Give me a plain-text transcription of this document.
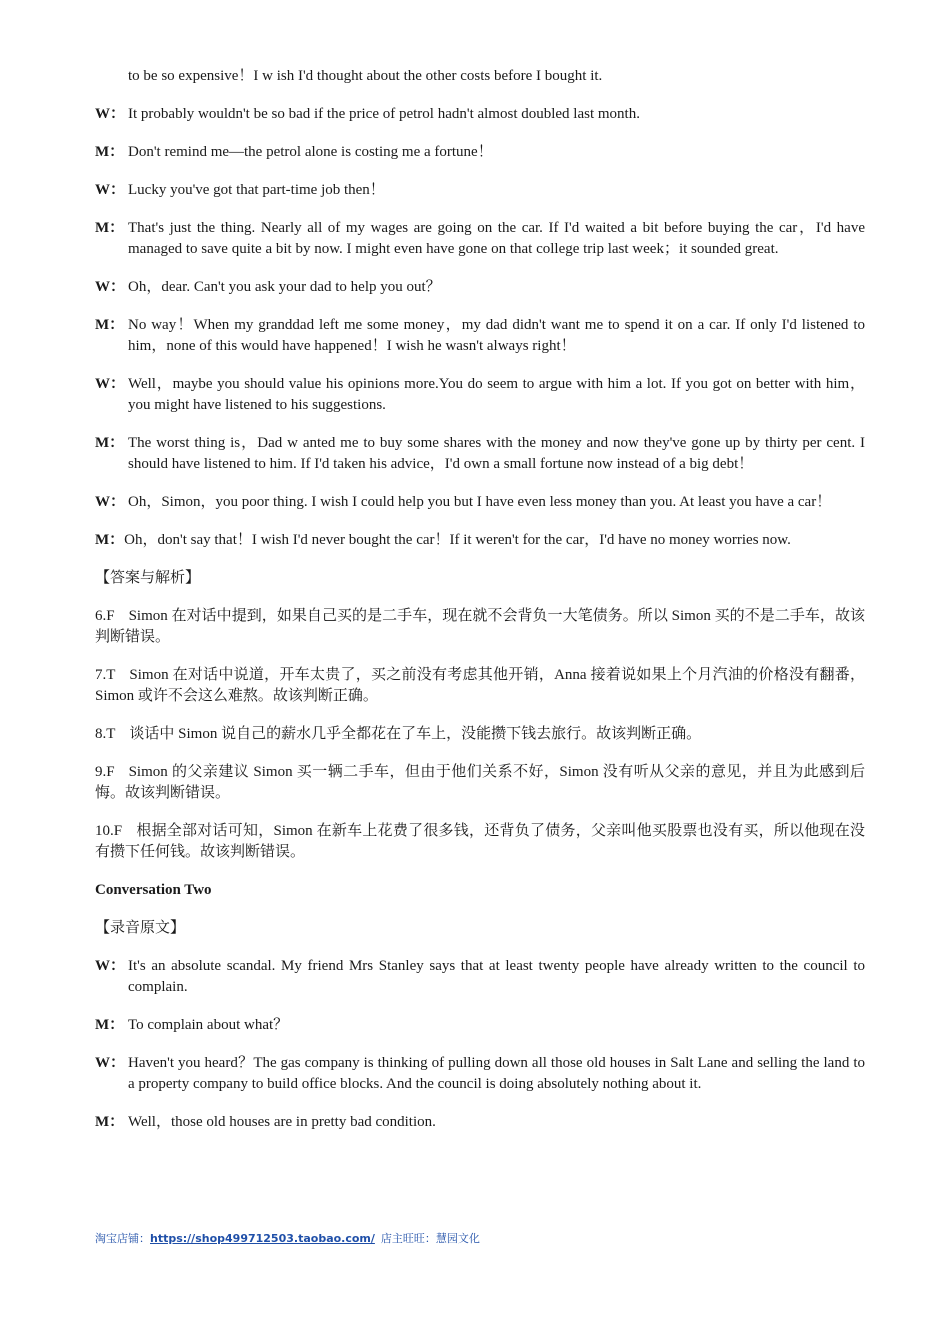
to be so expensive！I w ish I'd thought about the other costs before I bought it.
W： It probably wouldn't be so bad if the price of petrol hadn't almost doubled last month.
M： Don't remind me—the petrol alone is costing me a fortune！
W： Lucky you've got that part-time job then！
M： That's just the thing. Nearly all of my wages are going on the car. If I'd waited a bit before buying the car，I'd have managed to save quite a bit by now. I might even have gone on that college trip last week；it sounded great.
W： Oh，dear. Can't you ask your dad to help you out？
M： No way！When my granddad left me some money，my dad didn't want me to spend it on a car. If only I'd listened to him，none of this would have happened！I wish he wasn't always right！
W： Well，maybe you should value his opinions more.You do seem to argue with him a lot. If you got on better with him，you might have listened to his suggestions.
M： The worst thing is，Dad w anted me to buy some shares with the money and now they've gone up by thirty per cent. I should have listened to him. If I'd taken his advice，I'd own a small fortune now instead of a big debt！
W： Oh，Simon，you poor thing. I wish I could help you but I have even less money than you. At least you have a car！
M：Oh，don't say that！I wish I'd never bought the car！If it weren't for the car，I'd have no money worries now.
【答案与解析】
6.F Simon 在对话中提到，如果自己买的是二手车，现在就不会背负一大笔债务。所以 Simon 买的不是二手车，故该判断错误。
7.T Simon 在对话中说道，开车太贵了，买之前没有考虑其他开销，Anna 接着说如果上个月汽油的价格没有翻番，Simon 或许不会这么难熬。故该判断正确。
8.T 谈话中 Simon 说自己的薪水几乎全都花在了车上，没能攒下钱去旅行。故该判断正确。
9.F Simon 的父亲建议 Simon 买一辆二手车，但由于他们关系不好，Simon 没有听从父亲的意见，并且为此感到后悔。故该判断错误。
10.F 根据全部对话可知，Simon 在新车上花费了很多钱，还背负了债务，父亲叫他买股票也没有买，所以他现在没有攒下任何钱。故该判断错误。
Conversation Two
【录音原文】
W： It's an absolute scandal. My friend Mrs Stanley says that at least twenty people have already written to the council to complain.
M： To complain about what？
W： Haven't you heard？The gas company is thinking of pulling down all those old houses in Salt Lane and selling the land to a property company to build office blocks. And the council is doing absolutely nothing about it.
M： Well，those old houses are in pretty bad condition.
淘宝店铺：https://shop499712503.taobao.com/ 店主旺旺：慧园文化
